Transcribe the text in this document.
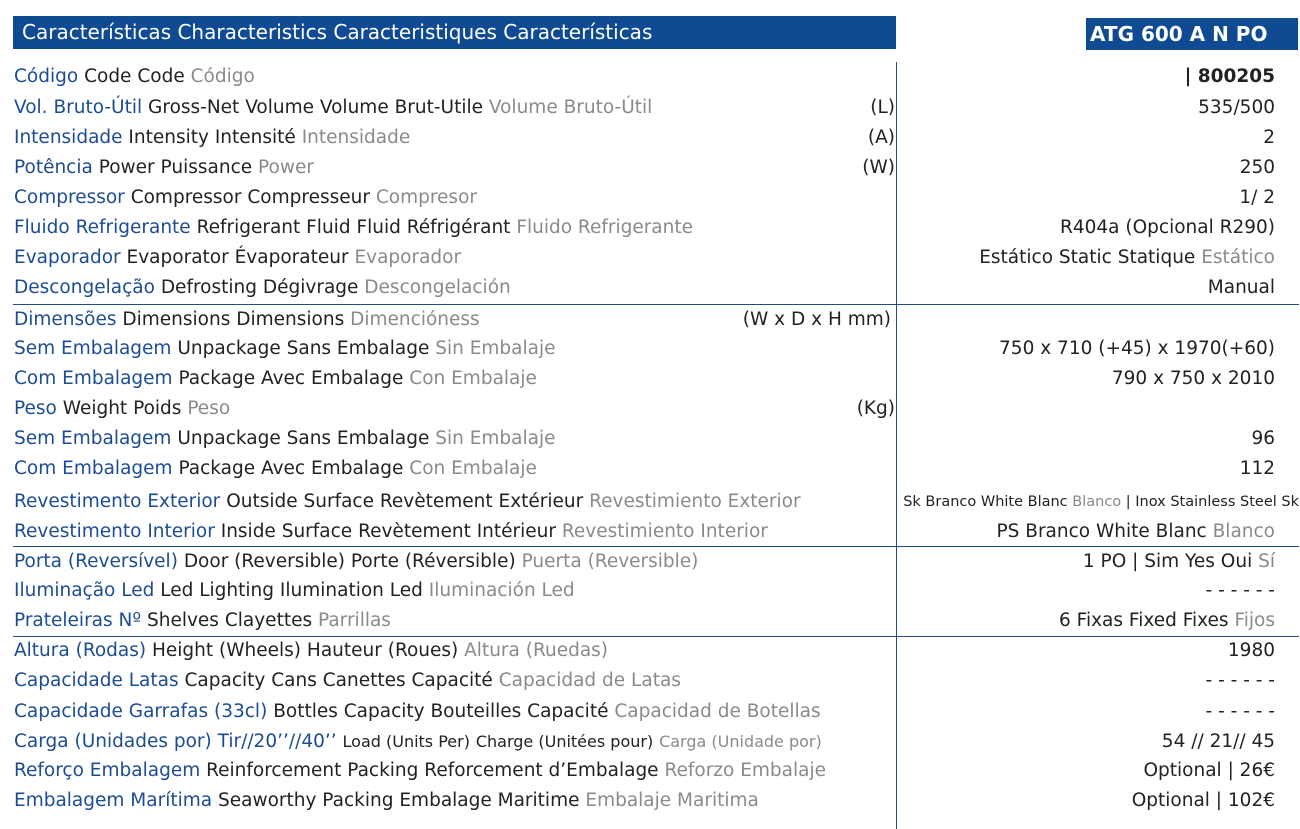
Características Characteristics Caracteristiques Características	ATG 600 A N PO
Código Code Code Código	| 800205
Vol. Bruto-Útil Gross-Net Volume Volume Brut-Utile Volume Bruto-Útil	(L)	535/500
Intensidade Intensity Intensité Intensidade	(A)	2
Potência Power Puissance Power	(W)	250
Compressor Compressor Compresseur Compresor	1/ 2
Fluido Refrigerante Refrigerant Fluid Fluid Réfrigérant Fluido Refrigerante	R404a (Opcional R290)
Evaporador Evaporator Évaporateur Evaporador	Estático Static Statique Estático
Descongelação Defrosting Dégivrage Descongelación	Manual
Dimensões Dimensions Dimensions Dimencióness	(W x D x H mm)
Sem Embalagem Unpackage Sans Embalage Sin Embalaje	750 x 710 (+45) x 1970(+60)
Com Embalagem Package Avec Embalage Con Embalaje	790 x 750 x 2010
Peso Weight Poids Peso	(Kg)
Sem Embalagem Unpackage Sans Embalage Sin Embalaje	96
Com Embalagem Package Avec Embalage Con Embalaje	112
Revestimento Exterior Outside Surface Revètement Extérieur Revestimiento Exterior	Sk Branco White Blanc Blanco | Inox Stainless Steel Sk
Revestimento Interior Inside Surface Revètement Intérieur Revestimiento Interior	PS Branco White Blanc Blanco
Porta (Reversível) Door (Reversible) Porte (Réversible) Puerta (Reversible)	1 PO | Sim Yes Oui Sí
Iluminação Led Led Lighting Ilumination Led Iluminación Led	- - - - - -
Prateleiras Nº Shelves Clayettes Parrillas	6 Fixas Fixed Fixes Fijos
Altura (Rodas) Height (Wheels) Hauteur (Roues) Altura (Ruedas)	1980
Capacidade Latas Capacity Cans Canettes Capacité Capacidad de Latas	- - - - - -
Capacidade Garrafas (33cl) Bottles Capacity Bouteilles Capacité Capacidad de Botellas	- - - - - -
Carga (Unidades por) Tir//20’’//40’’ Load (Units Per) Charge (Unitées pour) Carga (Unidade por)	54 // 21// 45
Reforço Embalagem Reinforcement Packing Reforcement d’Embalage Reforzo Embalaje	Optional | 26€
Embalagem Marítima Seaworthy Packing Embalage Maritime Embalaje Maritima	Optional | 102€
